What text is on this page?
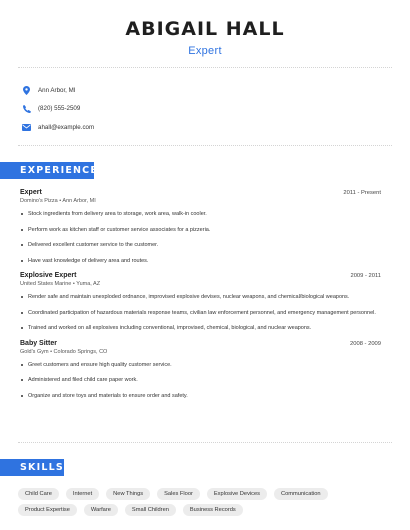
ABIGAIL HALL
Expert
Ann Arbor, MI
(820) 555-2509
ahall@example.com
EXPERIENCE
Expert	2011 - Present
Domino's Pizza • Ann Arbor, MI
Stock ingredients from delivery area to storage, work area, walk-in cooler.
Perform work as kitchen staff or customer service associates for a pizzeria.
Delivered excellent customer service to the customer.
Have vast knowledge of delivery area and routes.
Explosive Expert	2009 - 2011
United States Marine • Yuma, AZ
Render safe and maintain unexploded ordnance, improvised explosive devises, nuclear weapons, and chemical/biological weapons.
Coordinated participation of hazardous materials response teams, civilian law enforcement personnel, and emergency management personnel.
Trained and worked on all explosives including conventional, improvised, chemical, biological, and nuclear weapons.
Baby Sitter	2008 - 2009
Gold's Gym • Colorado Springs, CO
Greet customers and ensure high quality customer service.
Administered and filed child care paper work.
Organize and store toys and materials to ensure order and safety.
SKILLS
Child Care	Internet	New Things	Sales Floor	Explosive Devices	Communication
Product Expertise	Warfare	Small Children	Business Records
